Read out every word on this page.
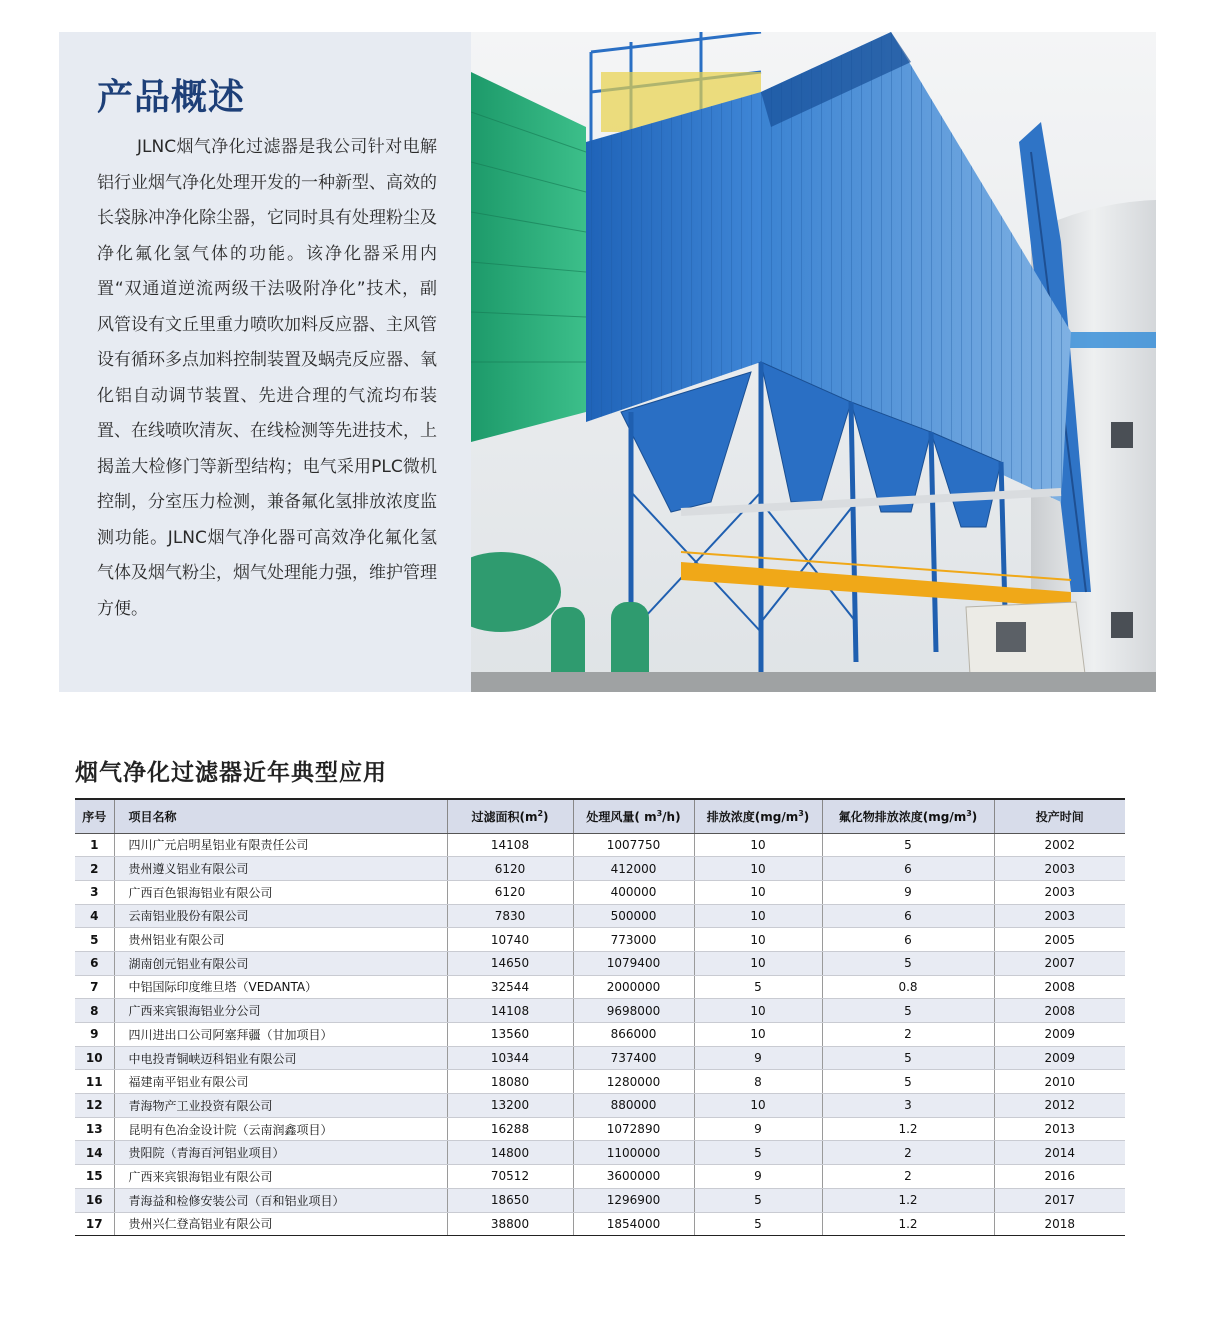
产品概述

JLNC烟气净化过滤器是我公司针对电解铝行业烟气净化处理开发的一种新型、高效的长袋脉冲净化除尘器，它同时具有处理粉尘及净化氟化氢气体的功能。该净化器采用内置“双通道逆流两级干法吸附净化”技术，副风管设有文丘里重力喷吹加料反应器、主风管设有循环多点加料控制装置及蜗壳反应器、氧化铝自动调节装置、先进合理的气流均布装置、在线喷吹清灰、在线检测等先进技术，上揭盖大检修门等新型结构；电气采用PLC微机控制，分室压力检测，兼备氟化氢排放浓度监测功能。JLNC烟气净化器可高效净化氟化氢气体及烟气粉尘，烟气处理能力强，维护管理方便。

烟气净化过滤器近年典型应用
序号	项目名称	过滤面积$(m^2)$	处理风量( $m^3/h$)	排放浓度$(mg/m^3)$	氟化物排放浓度$(mg/m^3)$	投产时间
1	四川广元启明星铝业有限责任公司	14108	1007750	10	5	2002
2	贵州遵义铝业有限公司	6120	412000	10	6	2003
3	广西百色银海铝业有限公司	6120	400000	10	9	2003
4	云南铝业股份有限公司	7830	500000	10	6	2003
5	贵州铝业有限公司	10740	773000	10	6	2005
6	湖南创元铝业有限公司	14650	1079400	10	5	2007
7	中铝国际印度维旦塔（VEDANTA）	32544	2000000	5	0.8	2008
8	广西来宾银海铝业分公司	14108	9698000	10	5	2008
9	四川进出口公司阿塞拜疆（甘加项目）	13560	866000	10	2	2009
10	中电投青铜峡迈科铝业有限公司	10344	737400	9	5	2009
11	福建南平铝业有限公司	18080	1280000	8	5	2010
12	青海物产工业投资有限公司	13200	880000	10	3	2012
13	昆明有色冶金设计院（云南润鑫项目）	16288	1072890	9	1.2	2013
14	贵阳院（青海百河铝业项目）	14800	1100000	5	2	2014
15	广西来宾银海铝业有限公司	70512	3600000	9	2	2016
16	青海益和检修安装公司（百和铝业项目）	18650	1296900	5	1.2	2017
17	贵州兴仁登高铝业有限公司	38800	1854000	5	1.2	2018
